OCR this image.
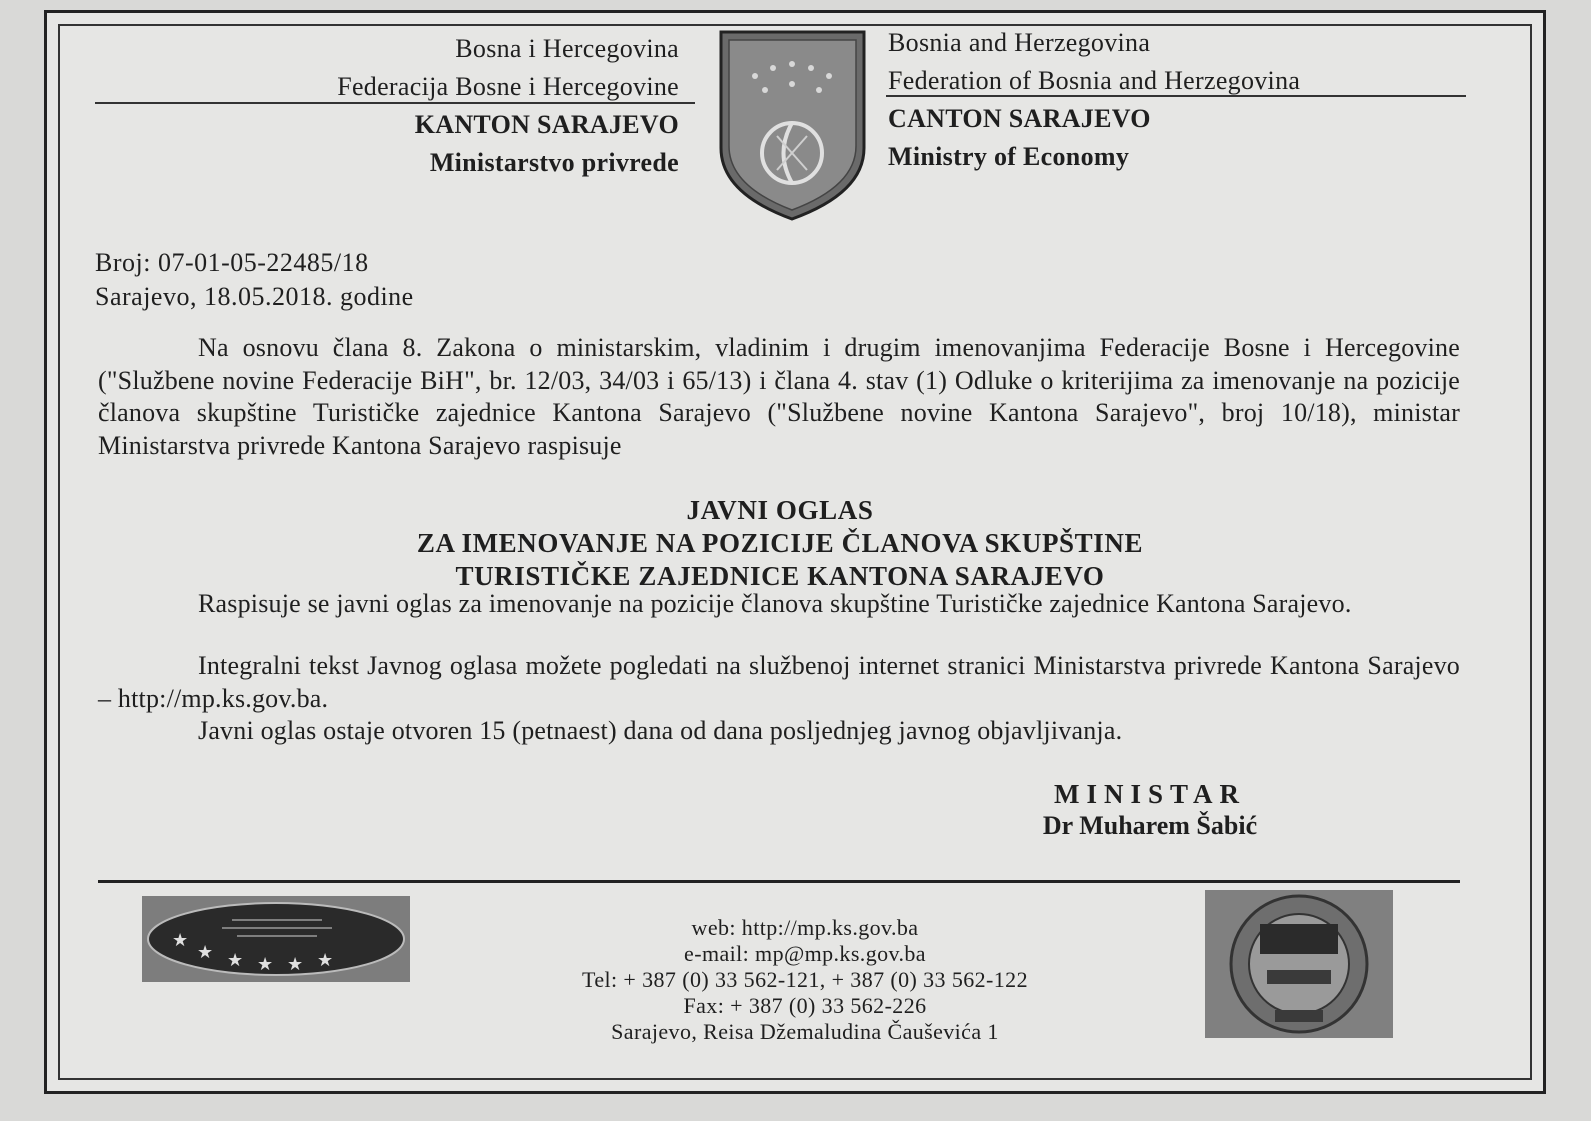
Bosna i Hercegovina
Federacija Bosne i Hercegovine
KANTON SARAJEVO
Ministarstvo privrede
Bosnia and Herzegovina
Federation of Bosnia and Herzegovina
CANTON SARAJEVO
Ministry of Economy
Broj: 07-01-05-22485/18
Sarajevo, 18.05.2018. godine
Na osnovu člana 8. Zakona o ministarskim, vladinim i drugim imenovanjima Federacije Bosne i Hercegovine ("Službene novine Federacije BiH", br. 12/03, 34/03 i 65/13) i člana 4. stav (1) Odluke o kriterijima za imenovanje na pozicije članova skupštine Turističke zajednice Kantona Sarajevo ("Službene novine Kantona Sarajevo", broj 10/18), ministar Ministarstva privrede Kantona Sarajevo raspisuje
JAVNI OGLAS
ZA IMENOVANJE NA POZICIJE ČLANOVA SKUPŠTINE
TURISTIČKE ZAJEDNICE KANTONA SARAJEVO
Raspisuje se javni oglas za imenovanje na pozicije članova skupštine Turističke zajednice Kantona Sarajevo.
Integralni tekst Javnog oglasa možete pogledati na službenoj internet stranici Ministarstva privrede Kantona Sarajevo – http://mp.ks.gov.ba.
Javni oglas ostaje otvoren 15 (petnaest) dana od dana posljednjeg javnog objavljivanja.
MINISTAR
Dr Muharem Šabić
★
★ ★ ★ ★ ★
web: http://mp.ks.gov.ba
e-mail: mp@mp.ks.gov.ba
Tel: + 387 (0) 33 562-121, + 387 (0) 33 562-122
Fax: + 387 (0) 33 562-226
Sarajevo, Reisa Džemaludina Čauševića 1
